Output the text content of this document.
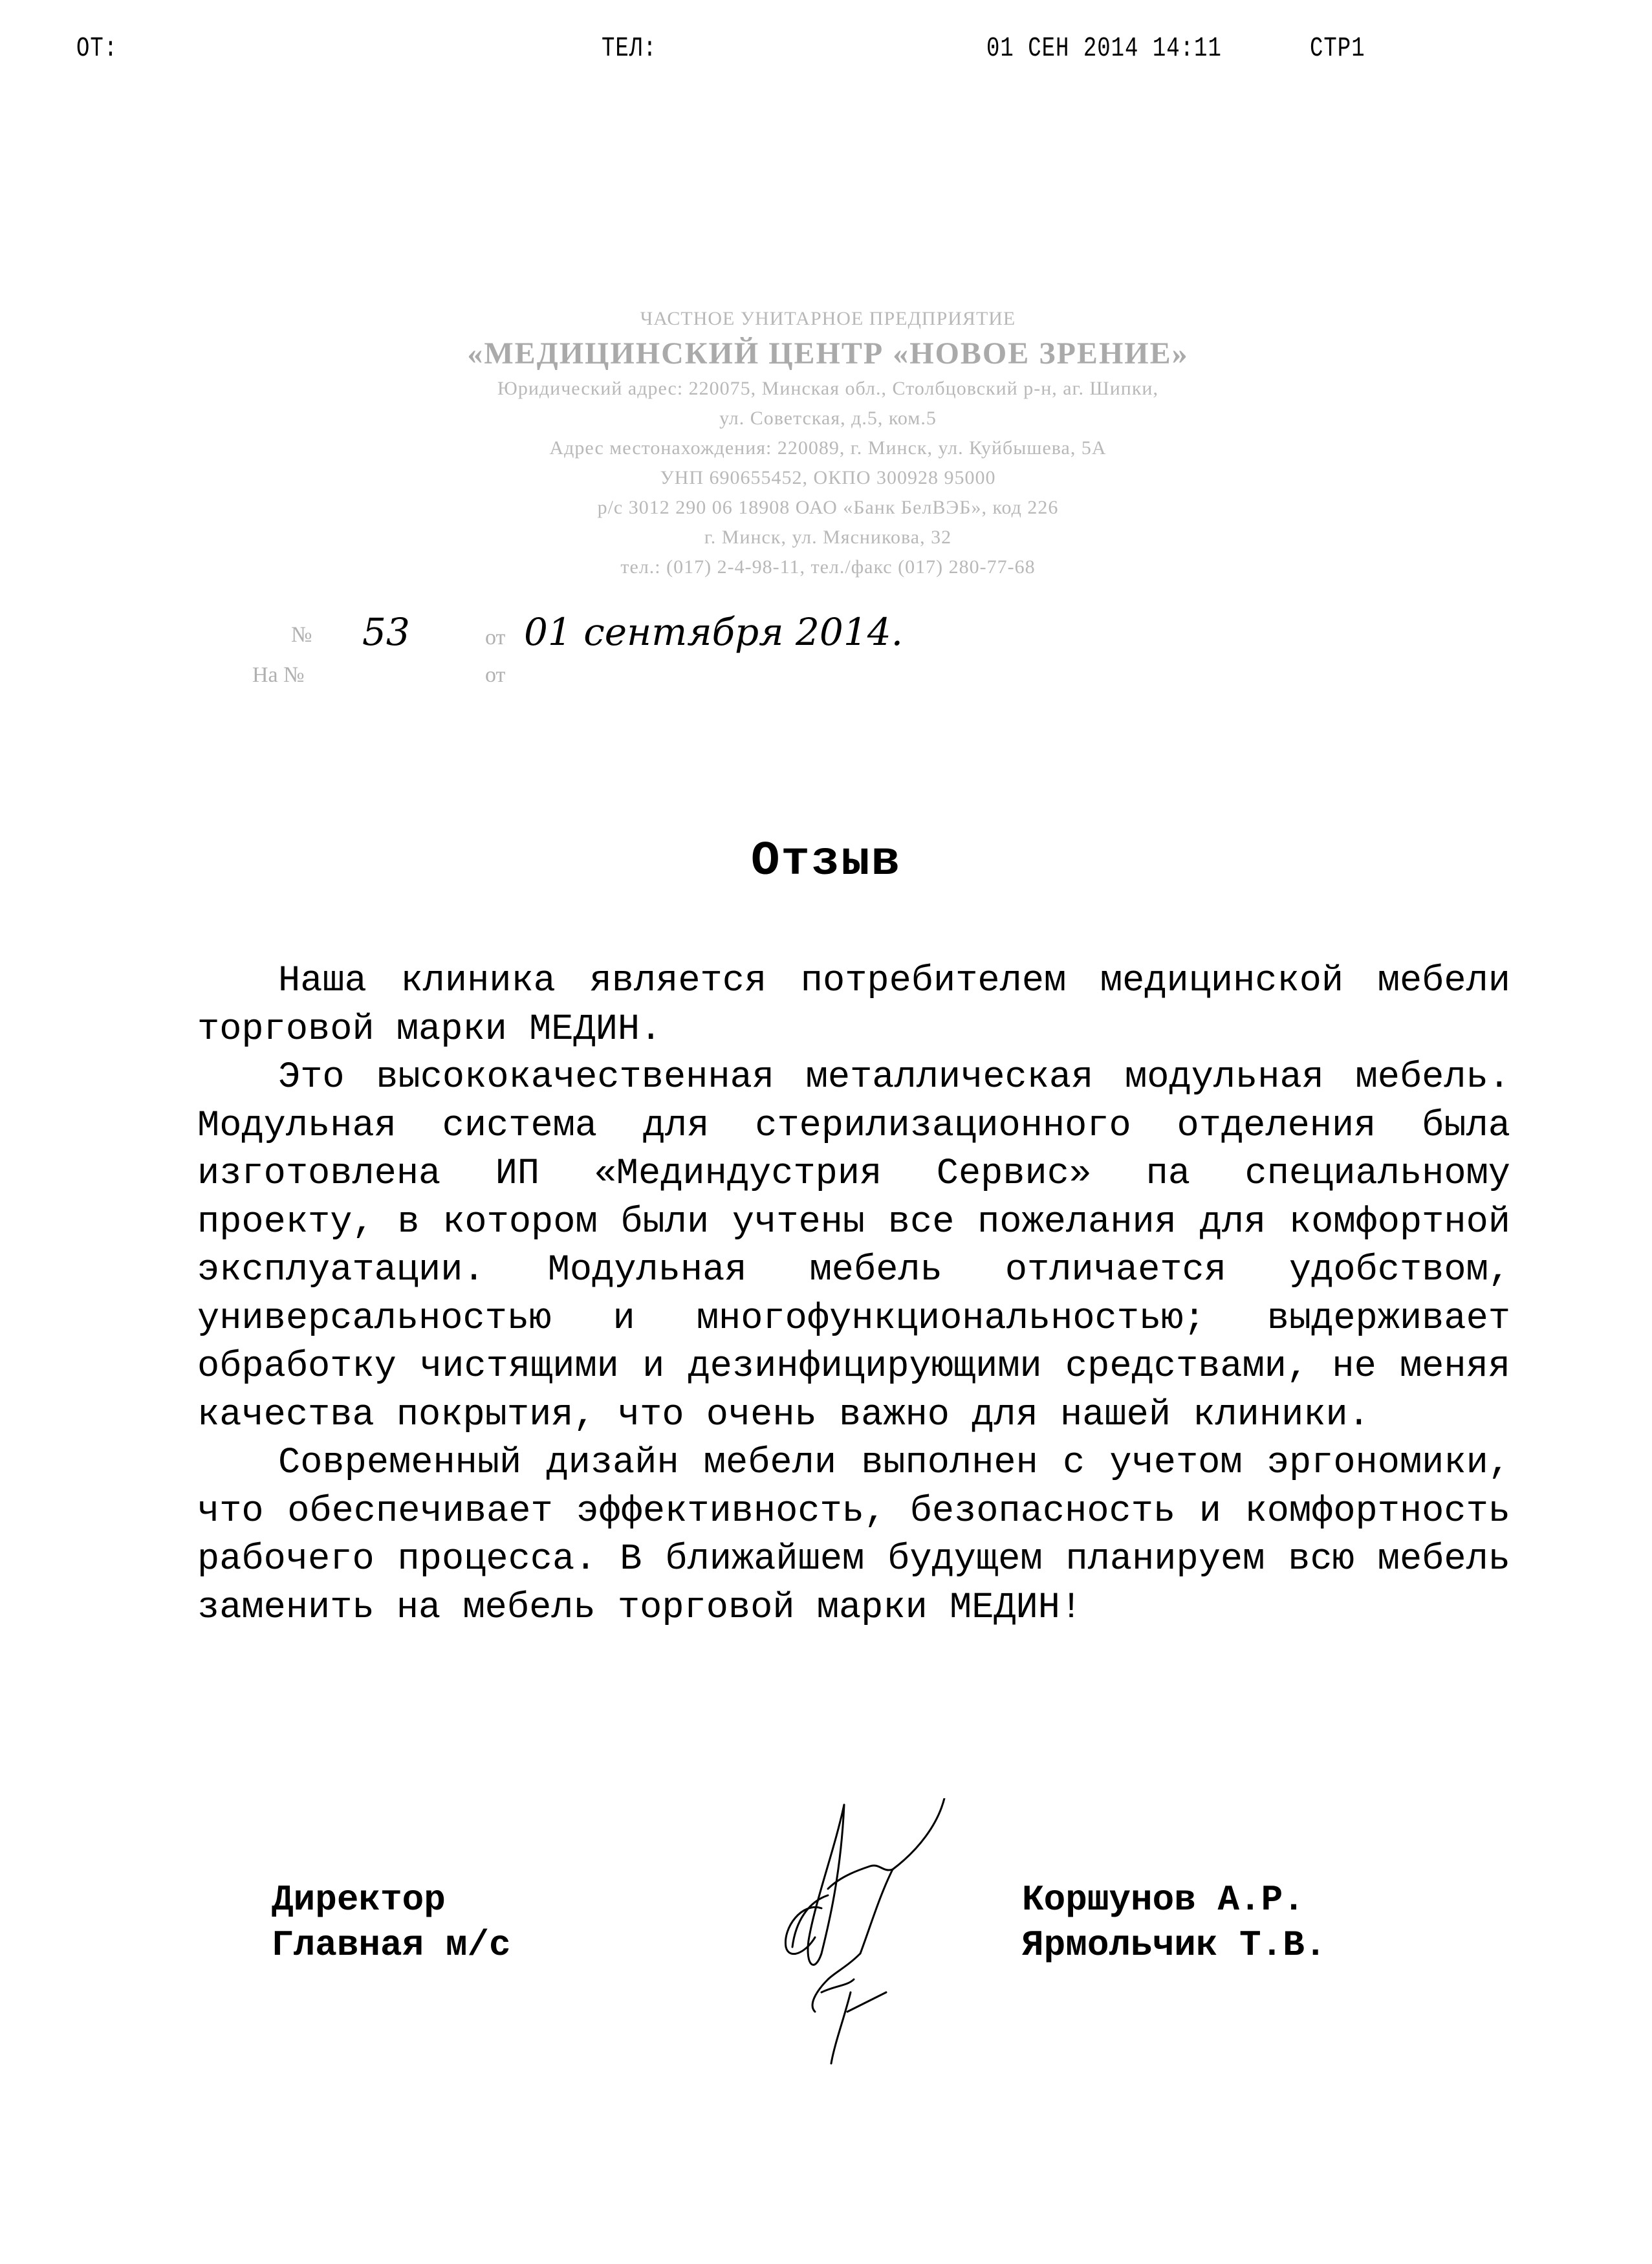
ОТ:	ТЕЛ:	01 СЕН 2014 14:11	СТР1
ЧАСТНОЕ УНИТАРНОЕ ПРЕДПРИЯТИЕ
«МЕДИЦИНСКИЙ ЦЕНТР «НОВОЕ ЗРЕНИЕ»
Юридический адрес: 220075, Минская обл., Столбцовский р-н, аг. Шипки,
ул. Советская, д.5, ком.5
Адрес местонахождения: 220089, г. Минск, ул. Куйбышева, 5А
УНП 690655452, ОКПО 300928 95000
р/с 3012 290 06 18908 ОАО «Банк БелВЭБ», код 226
г. Минск, ул. Мясникова, 32
тел.: (017) 2-4-98-11, тел./факс (017) 280-77-68
№ 53	от 01 сентября 2014.
На №	от
Отзыв

Наша клиника является потребителем медицинской мебели торговой марки МЕДИН.

Это высококачественная металлическая модульная мебель. Модульная система для стерилизационного отделения была изготовлена ИП «Мединдустрия Сервис» па специальному проекту, в котором были учтены все пожелания для комфортной эксплуатации. Модульная мебель отличается удобством, универсальностью и многофункциональностью; выдерживает обработку чистящими и дезинфицирующими средствами, не меняя качества покрытия, что очень важно для нашей клиники.

Современный дизайн мебели выполнен с учетом эргономики, что обеспечивает эффективность, безопасность и комфортность рабочего процесса. В ближайшем будущем планируем всю мебель заменить на мебель торговой марки МЕДИН!

Директор	Коршунов А.Р.
Главная м/с	Ярмольчик Т.В.
